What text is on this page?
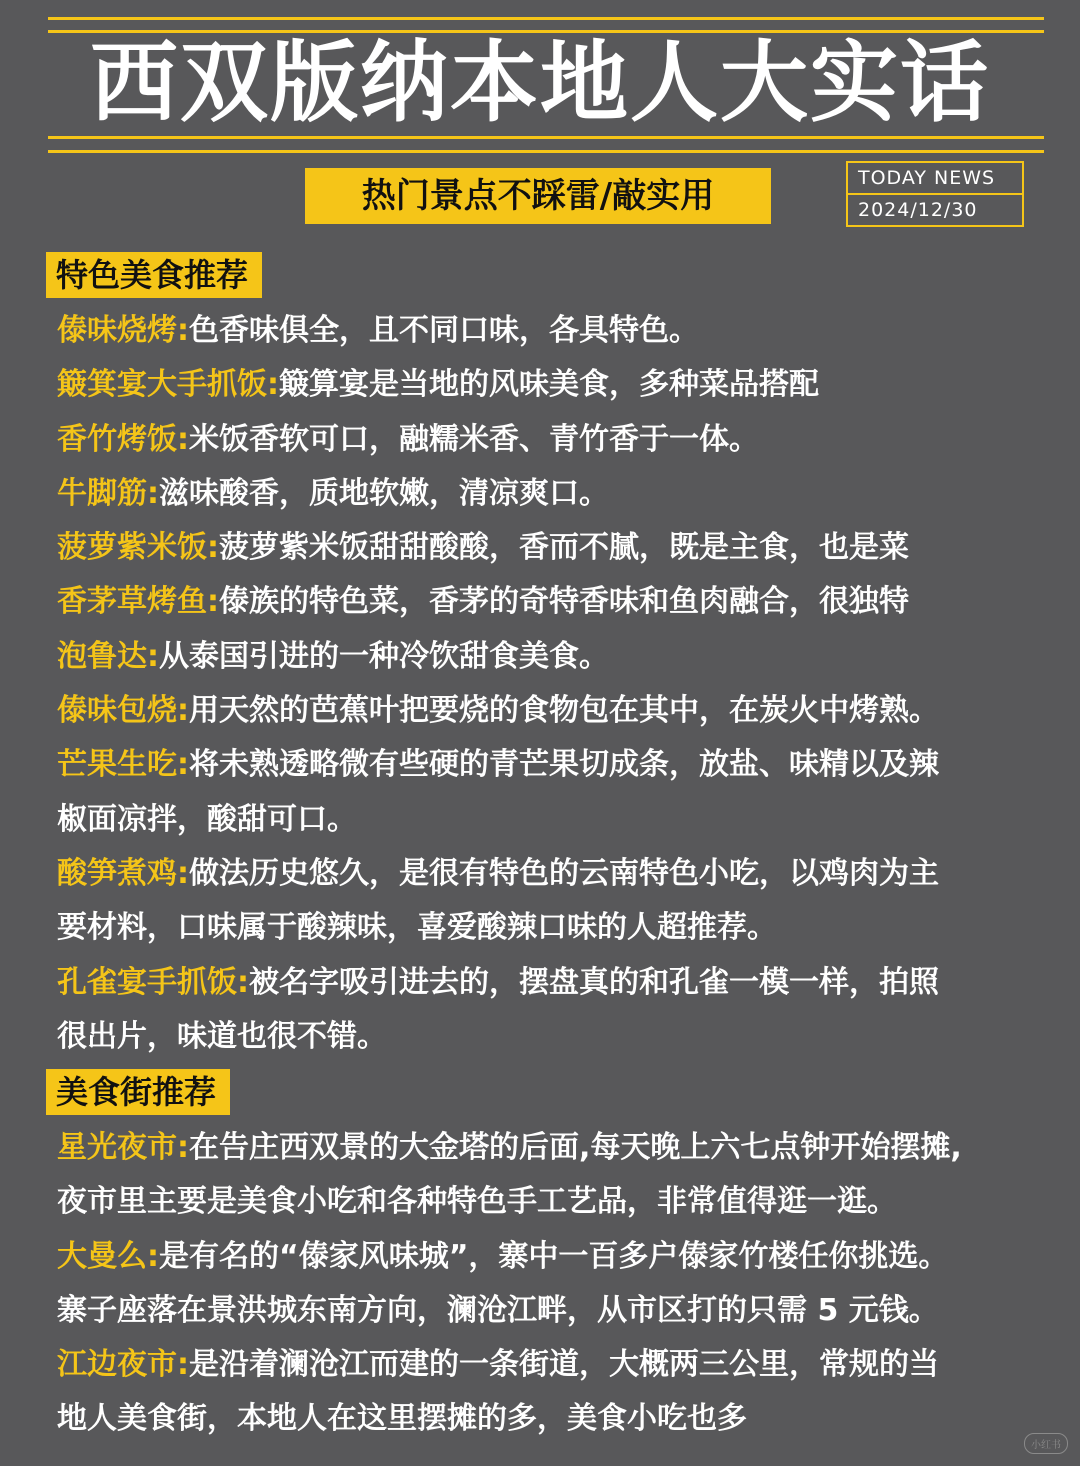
西双版纳本地人大实话
热门景点不踩雷/敲实用	TODAY NEWS
2024/12/30
特色美食推荐
傣味烧烤:色香味俱全，且不同口味，各具特色。
簸箕宴大手抓饭:簸算宴是当地的风味美食，多种菜品搭配
香竹烤饭:米饭香软可口，融糯米香、青竹香于一体。
牛脚筋:滋味酸香，质地软嫩，清凉爽口。
菠萝紫米饭:菠萝紫米饭甜甜酸酸，香而不腻，既是主食，也是菜
香茅草烤鱼:傣族的特色菜，香茅的奇特香味和鱼肉融合，很独特
泡鲁达:从泰国引进的一种冷饮甜食美食。
傣味包烧:用天然的芭蕉叶把要烧的食物包在其中，在炭火中烤熟。
芒果生吃:将未熟透略微有些硬的青芒果切成条，放盐、味精以及辣
椒面凉拌，酸甜可口。
酸笋煮鸡:做法历史悠久，是很有特色的云南特色小吃，以鸡肉为主
要材料，口味属于酸辣味，喜爱酸辣口味的人超推荐。
孔雀宴手抓饭:被名字吸引进去的，摆盘真的和孔雀一模一样，拍照
很出片，味道也很不错。
美食街推荐
星光夜市:在告庄西双景的大金塔的后面,每天晚上六七点钟开始摆摊,
夜市里主要是美食小吃和各种特色手工艺品，非常值得逛一逛。
大曼么:是有名的“傣家风味城”，寨中一百多户傣家竹楼任你挑选。
寨子座落在景洪城东南方向，澜沧江畔，从市区打的只需 5 元钱。
江边夜市:是沿着澜沧江而建的一条街道，大概两三公里，常规的当
地人美食街，本地人在这里摆摊的多，美食小吃也多
小红书
